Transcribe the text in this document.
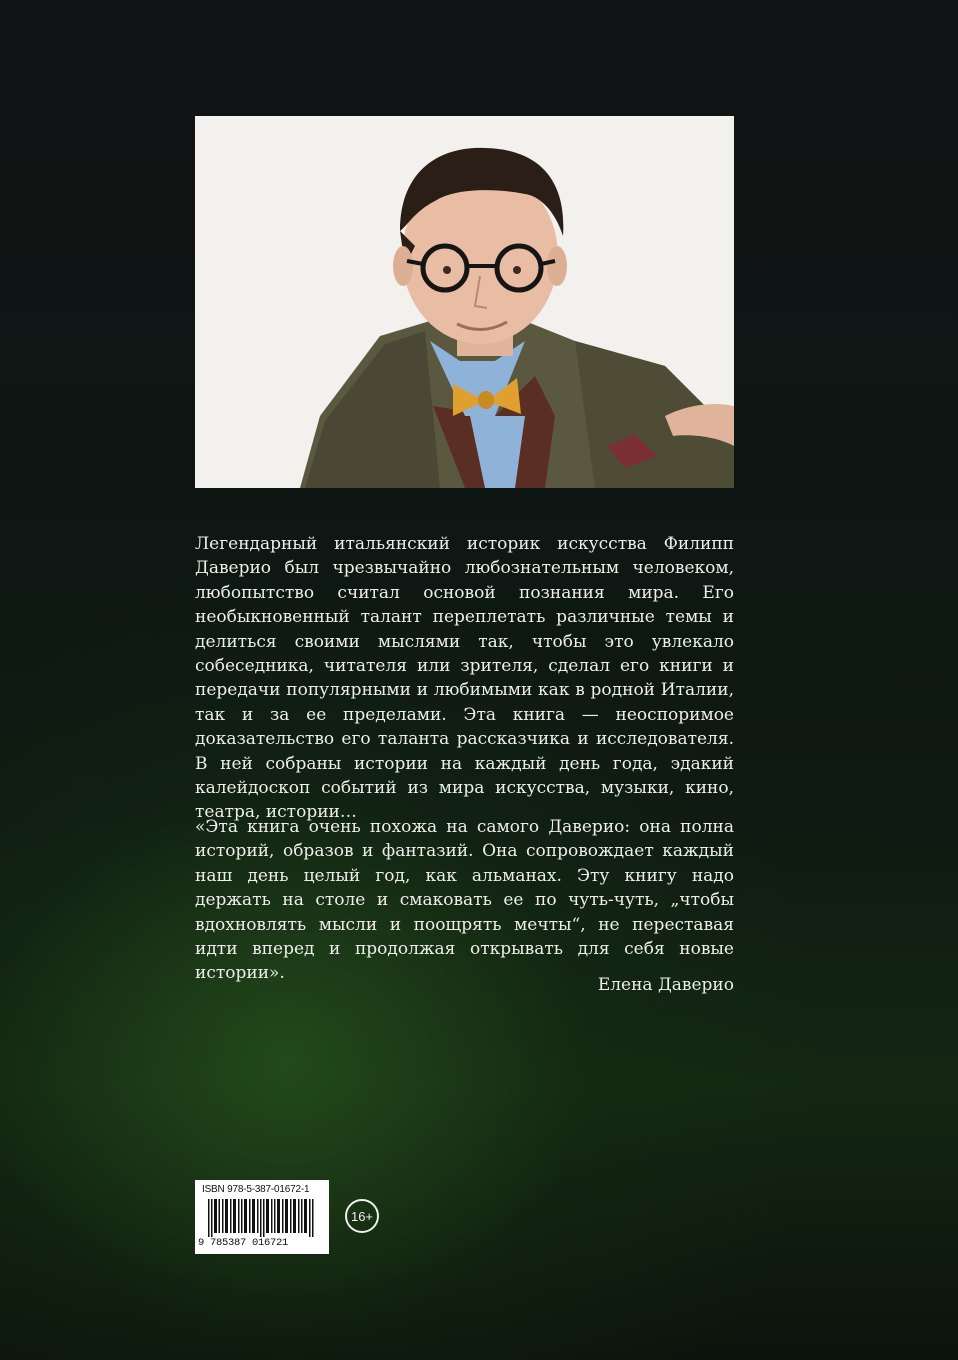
Легендарный итальянский историк искусства Филипп Даверио был чрезвычайно любознательным человеком, любопытство считал основой познания мира. Его необыкновенный талант переплетать различные темы и делиться своими мыслями так, чтобы это увлекало собеседника, читателя или зрителя, сделал его книги и передачи популярными и любимыми как в родной Италии, так и за ее пределами. Эта книга — неоспоримое доказательство его таланта рассказчика и исследователя. В ней собраны истории на каждый день года, эдакий калейдоскоп событий из мира искусства, музыки, кино, театра, истории…

«Эта книга очень похожа на самого Даверио: она полна историй, образов и фантазий. Она сопровождает каждый наш день целый год, как альманах. Эту книгу надо держать на столе и смаковать ее по чуть-чуть, „чтобы вдохновлять мысли и поощрять мечты“, не переставая идти вперед и продолжая открывать для себя новые истории».

Елена Даверио
ISBN 978-5-387-01672-1
9 785387 016721
16+
